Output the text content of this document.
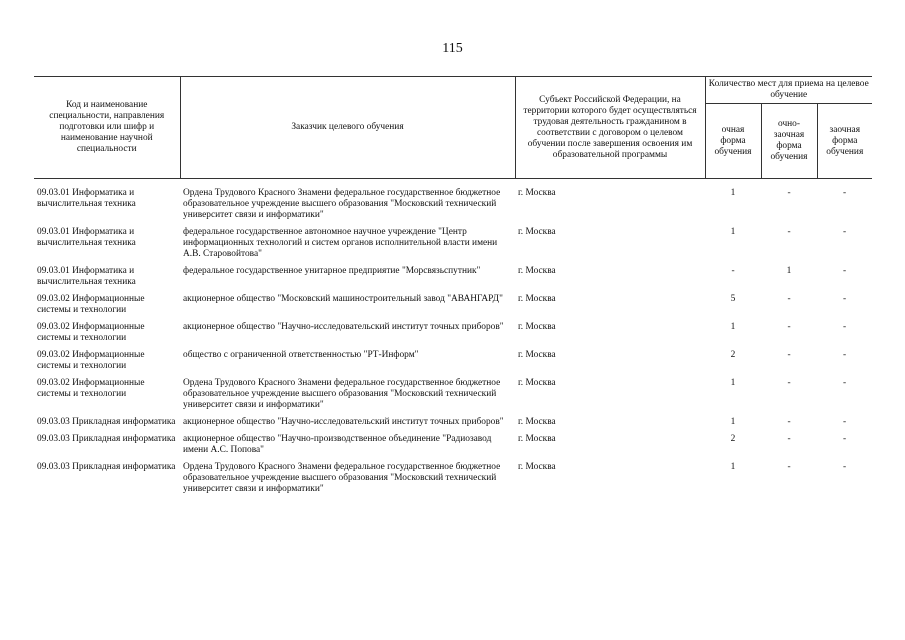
115
Код и наименование специальности, направления подготовки или шифр и наименование научной специальности	Заказчик целевого обучения	Субъект Российской Федерации, на территории которого будет осуществляться трудовая деятельность гражданином в соответствии с договором о целевом обучении после завершения освоения им образовательной программы	Количество мест для приема на целевое обучение		
			очная форма обучения	очно-заочная форма обучения	заочная форма обучения

09.03.01 Информатика и вычислительная техника	Ордена Трудового Красного Знамени федеральное государственное бюджетное образовательное учреждение высшего образования "Московский технический университет связи и информатики"	г. Москва	1	-	-
09.03.01 Информатика и вычислительная техника	федеральное государственное автономное научное учреждение "Центр информационных технологий и систем органов исполнительной власти имени А.В. Старовойтова"	г. Москва	1	-	-
09.03.01 Информатика и вычислительная техника	федеральное государственное унитарное предприятие "Морсвязьспутник"	г. Москва	-	1	-
09.03.02 Информационные системы и технологии	акционерное общество "Московский машиностроительный завод "АВАНГАРД"	г. Москва	5	-	-
09.03.02 Информационные системы и технологии	акционерное общество "Научно-исследовательский институт точных приборов"	г. Москва	1	-	-
09.03.02 Информационные системы и технологии	общество с ограниченной ответственностью "РТ-Информ"	г. Москва	2	-	-
09.03.02 Информационные системы и технологии	Ордена Трудового Красного Знамени федеральное государственное бюджетное образовательное учреждение высшего образования "Московский технический университет связи и информатики"	г. Москва	1	-	-
09.03.03 Прикладная информатика	акционерное общество "Научно-исследовательский институт точных приборов"	г. Москва	1	-	-
09.03.03 Прикладная информатика	акционерное общество "Научно-производственное объединение "Радиозавод имени А.С. Попова"	г. Москва	2	-	-
09.03.03 Прикладная информатика	Ордена Трудового Красного Знамени федеральное государственное бюджетное образовательное учреждение высшего образования "Московский технический университет связи и информатики"	г. Москва	1	-	-
